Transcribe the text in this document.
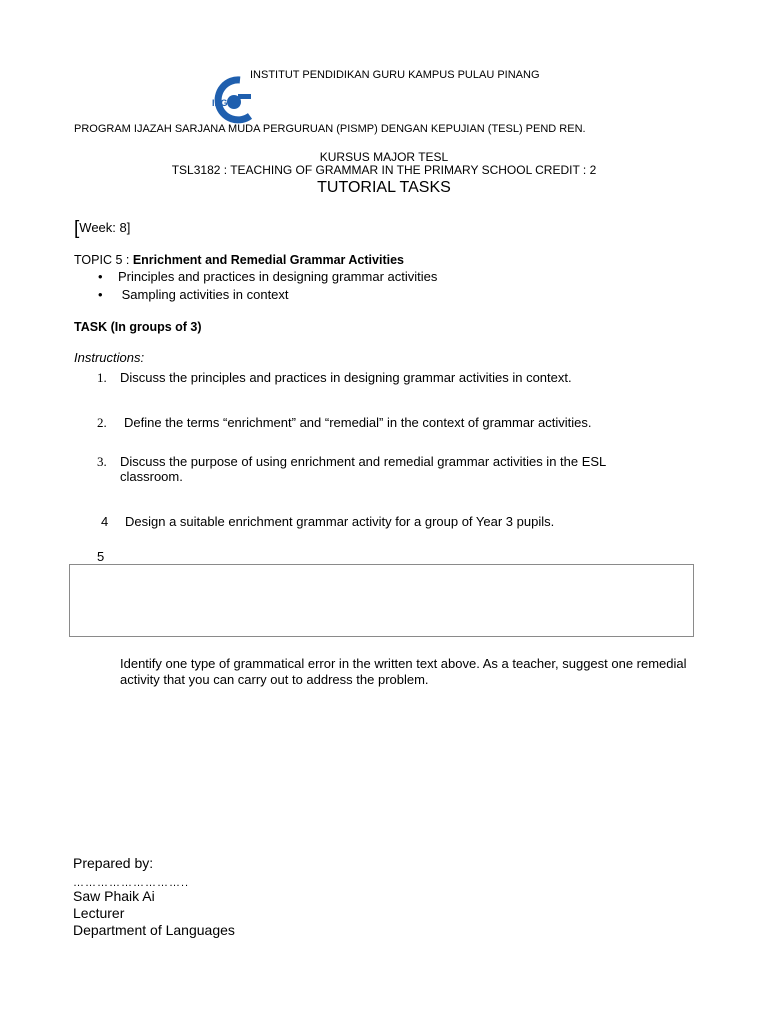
IPG
INSTITUT PENDIDIKAN GURU KAMPUS PULAU PINANG
PROGRAM IJAZAH SARJANA MUDA PERGURUAN (PISMP) DENGAN KEPUJIAN (TESL) PEND REN.
KURSUS MAJOR TESL
TSL3182 : TEACHING OF GRAMMAR IN THE PRIMARY SCHOOL CREDIT : 2
TUTORIAL TASKS
[Week: 8]
TOPIC 5 : Enrichment and Remedial Grammar Activities
• Principles and practices in designing grammar activities
• Sampling activities in context
TASK (In groups of 3)
Instructions:
1. Discuss the principles and practices in designing grammar activities in context.
2. Define the terms “enrichment” and “remedial” in the context of grammar activities.
3. Discuss the purpose of using enrichment and remedial grammar activities in the ESL
classroom.
4 Design a suitable enrichment grammar activity for a group of Year 3 pupils.
5
Identify one type of grammatical error in the written text above. As a teacher, suggest one remedial activity that you can carry out to address the problem.
Prepared by:
………………………..
Saw Phaik Ai
Lecturer
Department of Languages
